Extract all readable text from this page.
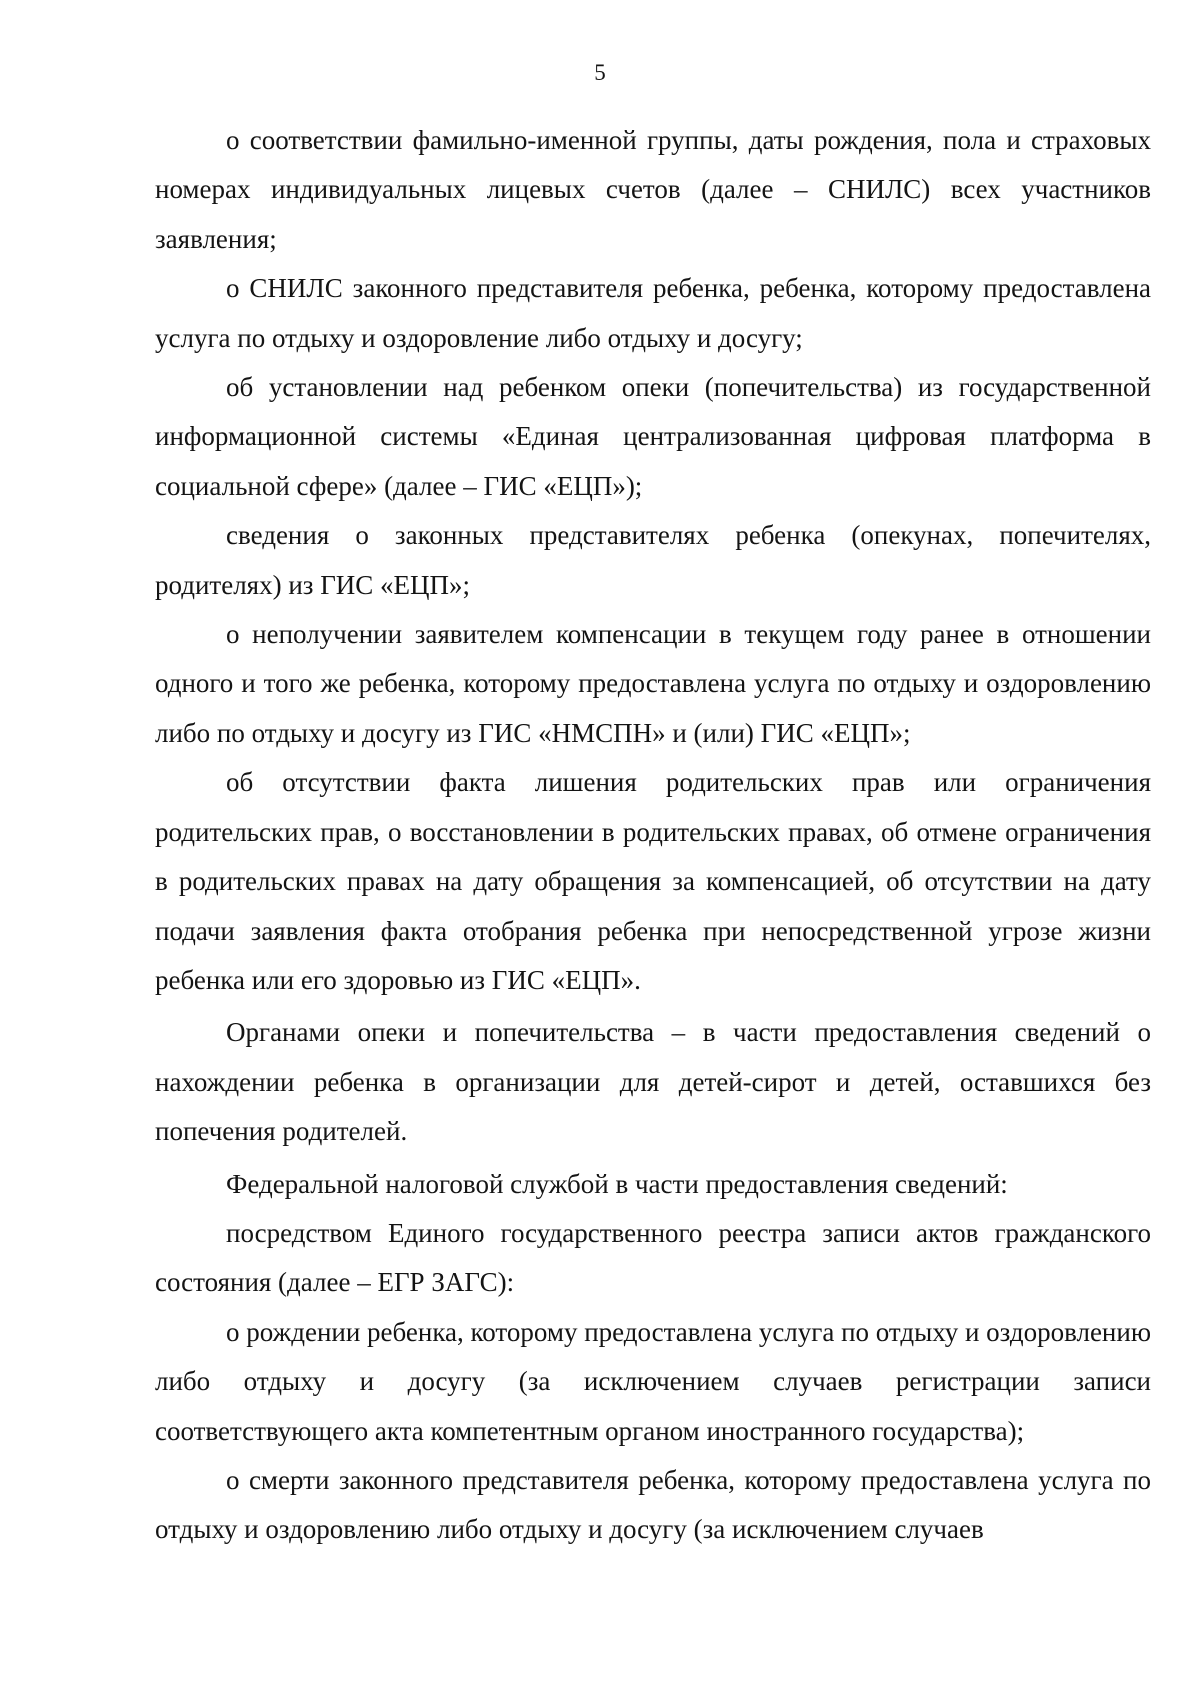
5

о соответствии фамильно-именной группы, даты рождения, пола и страховых номерах индивидуальных лицевых счетов (далее – СНИЛС) всех участников заявления;

о СНИЛС законного представителя ребенка, ребенка, которому предоставлена услуга по отдыху и оздоровление либо отдыху и досугу;

об установлении над ребенком опеки (попечительства) из государственной информационной системы «Единая централизованная цифровая платформа в социальной сфере» (далее – ГИС «ЕЦП»);

сведения о законных представителях ребенка (опекунах, попечителях, родителях) из ГИС «ЕЦП»;

о неполучении заявителем компенсации в текущем году ранее в отношении одного и того же ребенка, которому предоставлена услуга по отдыху и оздоровлению либо по отдыху и досугу из ГИС «НМСПН» и (или) ГИС «ЕЦП»;

об отсутствии факта лишения родительских прав или ограничения родительских прав, о восстановлении в родительских правах, об отмене ограничения в родительских правах на дату обращения за компенсацией, об отсутствии на дату подачи заявления факта отобрания ребенка при непосредственной угрозе жизни ребенка или его здоровью из ГИС «ЕЦП».

Органами опеки и попечительства – в части предоставления сведений о нахождении ребенка в организации для детей-сирот и детей, оставшихся без попечения родителей.

Федеральной налоговой службой в части предоставления сведений:

посредством Единого государственного реестра записи актов гражданского состояния (далее – ЕГР ЗАГС):

о рождении ребенка, которому предоставлена услуга по отдыху и оздоровлению либо отдыху и досугу (за исключением случаев регистрации записи соответствующего акта компетентным органом иностранного государства);

о смерти законного представителя ребенка, которому предоставлена услуга по отдыху и оздоровлению либо отдыху и досугу (за исключением случаев
